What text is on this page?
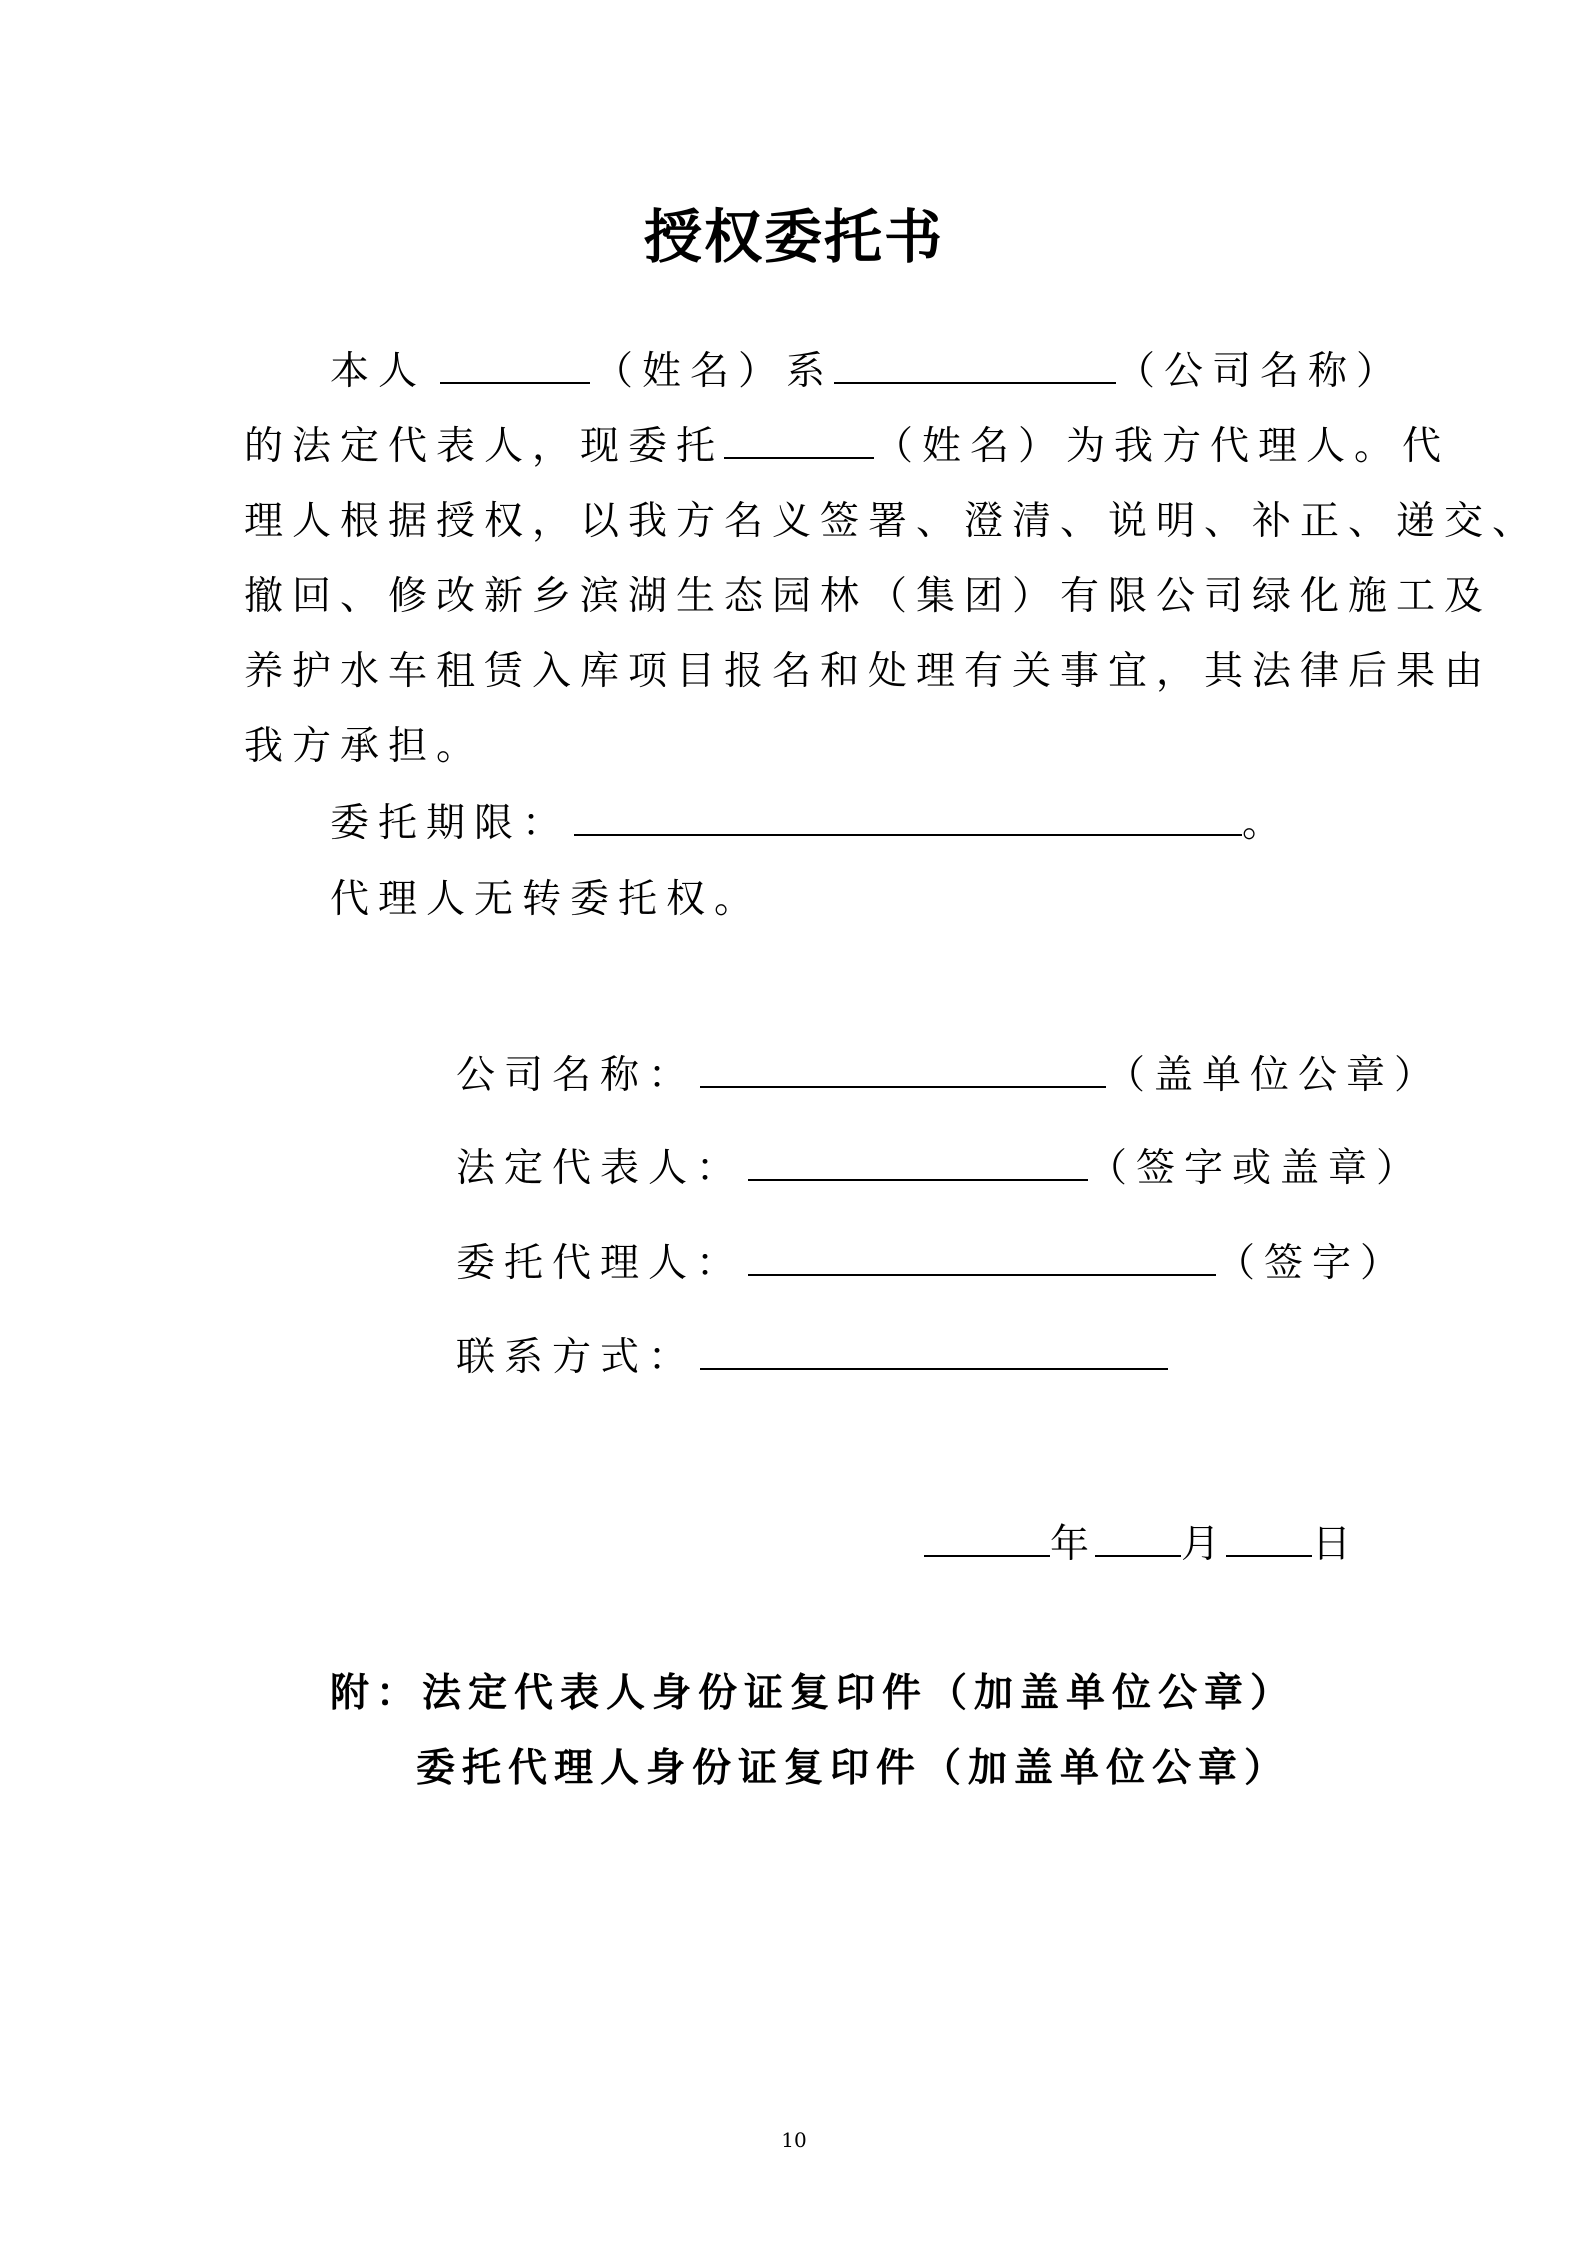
授权委托书
本人	（姓名）系	（公司名称）
的法定代表人，现委托	（姓名）为我方代理人。代
理人根据授权，以我方名义签署、澄清、说明、补正、递交、
撤回、修改新乡滨湖生态园林（集团）有限公司绿化施工及
养护水车租赁入库项目报名和处理有关事宜，其法律后果由
我方承担。
委托期限：	。
代理人无转委托权。
公司名称：	（盖单位公章）
法定代表人：	（签字或盖章）
委托代理人：	（签字）
联系方式：
年 月 日
附：法定代表人身份证复印件（加盖单位公章）
委托代理人身份证复印件（加盖单位公章）
10
